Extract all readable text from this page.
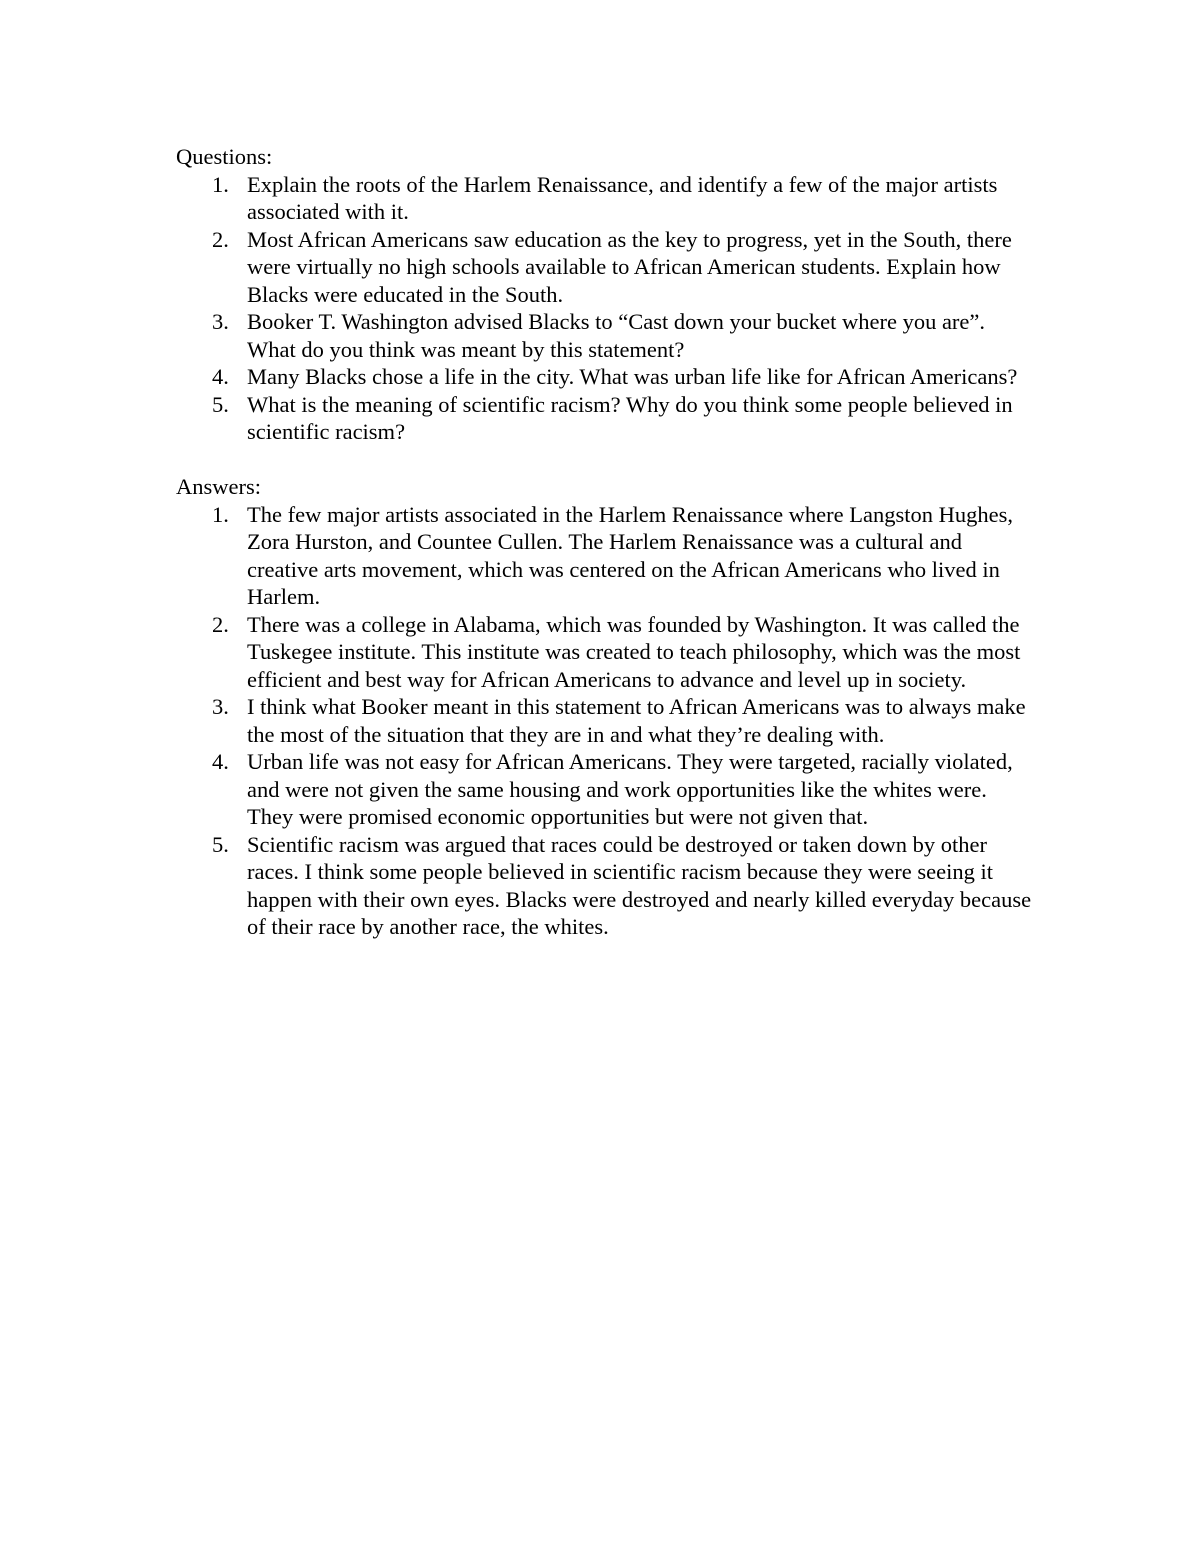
Questions:

1. Explain the roots of the Harlem Renaissance, and identify a few of the major artists associated with it.
2. Most African Americans saw education as the key to progress, yet in the South, there were virtually no high schools available to African American students. Explain how Blacks were educated in the South.
3. Booker T. Washington advised Blacks to “Cast down your bucket where you are”. What do you think was meant by this statement?
4. Many Blacks chose a life in the city. What was urban life like for African Americans?
5. What is the meaning of scientific racism? Why do you think some people believed in scientific racism?

Answers:

1. The few major artists associated in the Harlem Renaissance where Langston Hughes, Zora Hurston, and Countee Cullen. The Harlem Renaissance was a cultural and creative arts movement, which was centered on the African Americans who lived in Harlem.
2. There was a college in Alabama, which was founded by Washington. It was called the Tuskegee institute. This institute was created to teach philosophy, which was the most efficient and best way for African Americans to advance and level up in society.
3. I think what Booker meant in this statement to African Americans was to always make the most of the situation that they are in and what they’re dealing with.
4. Urban life was not easy for African Americans. They were targeted, racially violated, and were not given the same housing and work opportunities like the whites were. They were promised economic opportunities but were not given that.
5. Scientific racism was argued that races could be destroyed or taken down by other races. I think some people believed in scientific racism because they were seeing it happen with their own eyes. Blacks were destroyed and nearly killed everyday because of their race by another race, the whites.
